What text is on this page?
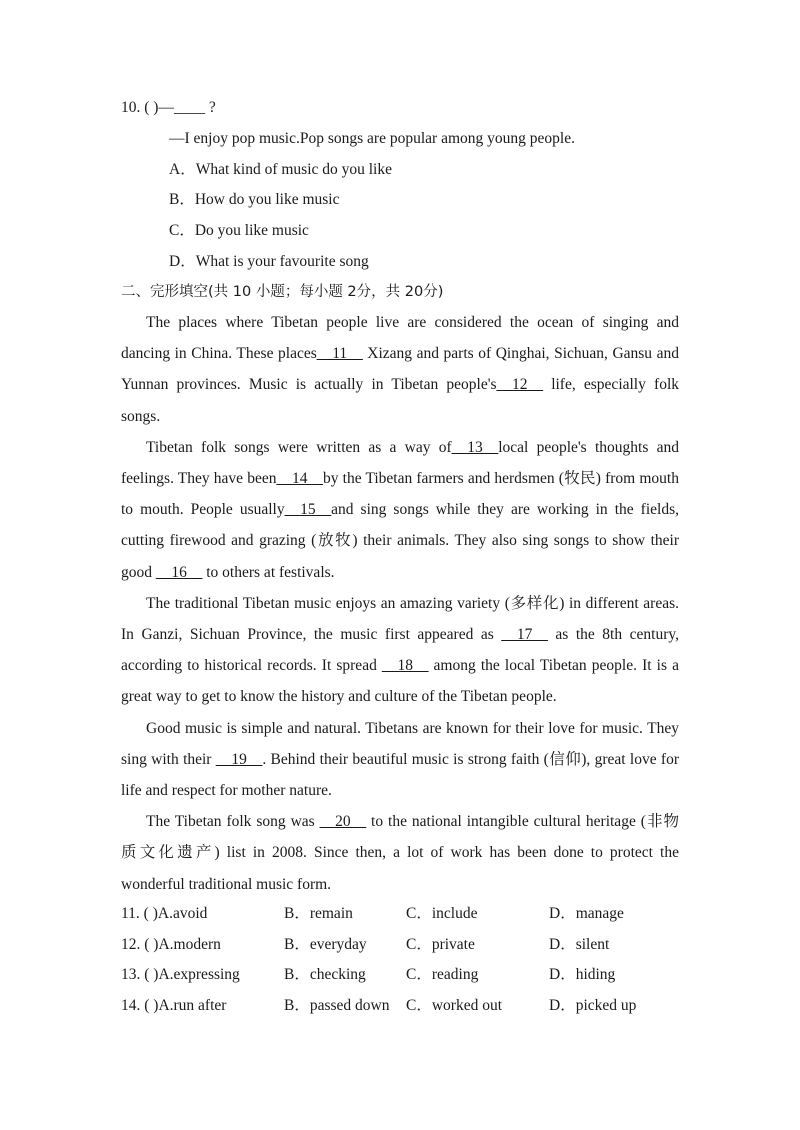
10. ( )—____ ?
—I enjoy pop music.Pop songs are popular among young people.
A．What kind of music do you like
B．How do you like music
C．Do you like music
D．What is your favourite song
二、完形填空(共 10 小题；每小题 2分，共 20分)

The places where Tibetan people live are considered the ocean of singing and dancing in China. These places__11__ Xizang and parts of Qinghai, Sichuan, Gansu and Yunnan provinces. Music is actually in Tibetan people's__12__ life, especially folk songs.

Tibetan folk songs were written as a way of__13__local people's thoughts and feelings. They have been__14__by the Tibetan farmers and herdsmen (牧民) from mouth to mouth. People usually__15__and sing songs while they are working in the fields, cutting firewood and grazing (放牧) their animals. They also sing songs to show their good __16__ to others at festivals.

The traditional Tibetan music enjoys an amazing variety (多样化) in different areas. In Ganzi, Sichuan Province, the music first appeared as __17__ as the 8th century, according to historical records. It spread __18__ among the local Tibetan people. It is a great way to get to know the history and culture of the Tibetan people.

Good music is simple and natural. Tibetans are known for their love for music. They sing with their __19__. Behind their beautiful music is strong faith (信仰), great love for life and respect for mother nature.

The Tibetan folk song was __20__ to the national intangible cultural heritage (非物质文化遗产) list in 2008. Since then, a lot of work has been done to protect the wonderful traditional music form.

11. ( )A.avoid	B．remain	C．include	D．manage
12. ( )A.modern	B．everyday	C．private	D．silent
13. ( )A.expressing	B．checking	C．reading	D．hiding
14. ( )A.run after	B．passed down C．worked out	D．picked up
